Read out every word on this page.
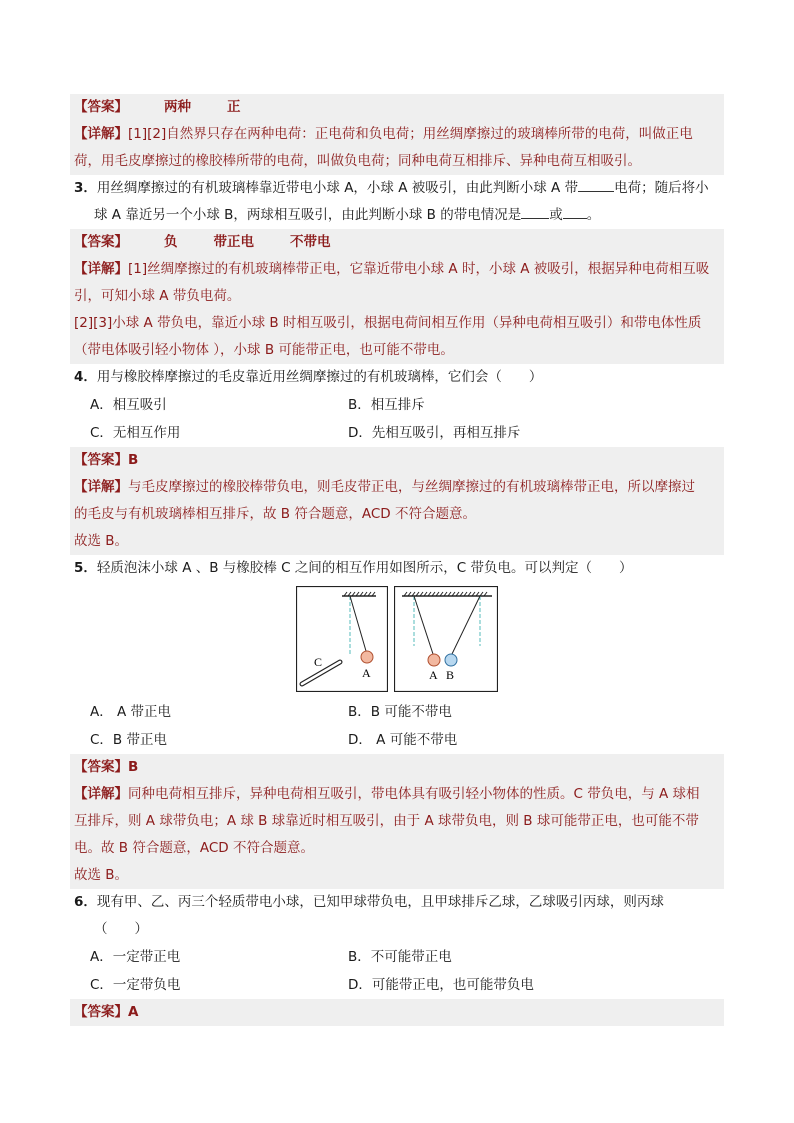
【答案】	两种	正
【详解】[1][2]自然界只存在两种电荷：正电荷和负电荷；用丝绸摩擦过的玻璃棒所带的电荷，叫做正电
荷，用毛皮摩擦过的橡胶棒所带的电荷，叫做负电荷；同种电荷互相排斥、异种电荷互相吸引。
3．用丝绸摩擦过的有机玻璃棒靠近带电小球 A，小球 A 被吸引，由此判断小球 A 带	电荷；随后将小
球 A 靠近另一个小球 B，两球相互吸引，由此判断小球 B 的带电情况是 或 。
【答案】	负	带正电	不带电
【详解】[1]丝绸摩擦过的有机玻璃棒带正电，它靠近带电小球 A 时，小球 A 被吸引，根据异种电荷相互吸
引，可知小球 A 带负电荷。
[2][3]小球 A 带负电，靠近小球 B 时相互吸引，根据电荷间相互作用（异种电荷相互吸引）和带电体性质
（带电体吸引轻小物体 ），小球 B 可能带正电，也可能不带电。
4．用与橡胶棒摩擦过的毛皮靠近用丝绸摩擦过的有机玻璃棒，它们会（　　）
A．相互吸引	B．相互排斥
C．无相互作用	D．先相互吸引，再相互排斥
【答案】B
【详解】与毛皮摩擦过的橡胶棒带负电，则毛皮带正电，与丝绸摩擦过的有机玻璃棒带正电，所以摩擦过
的毛皮与有机玻璃棒相互排斥，故 B 符合题意，ACD 不符合题意。
故选 B。
5．轻质泡沫小球 A 、B 与橡胶棒 C 之间的相互作用如图所示，C 带负电。可以判定（　　）
C
A	A B
A． A 带正电	B．B 可能不带电
C．B 带正电	D． A 可能不带电
【答案】B
【详解】同种电荷相互排斥，异种电荷相互吸引，带电体具有吸引轻小物体的性质。C 带负电，与 A 球相
互排斥，则 A 球带负电；A 球 B 球靠近时相互吸引，由于 A 球带负电，则 B 球可能带正电，也可能不带
电。故 B 符合题意，ACD 不符合题意。
故选 B。
6．现有甲、乙、丙三个轻质带电小球，已知甲球带负电，且甲球排斥乙球，乙球吸引丙球，则丙球
（　　）
A．一定带正电	B．不可能带正电
C．一定带负电	D．可能带正电，也可能带负电
【答案】A
